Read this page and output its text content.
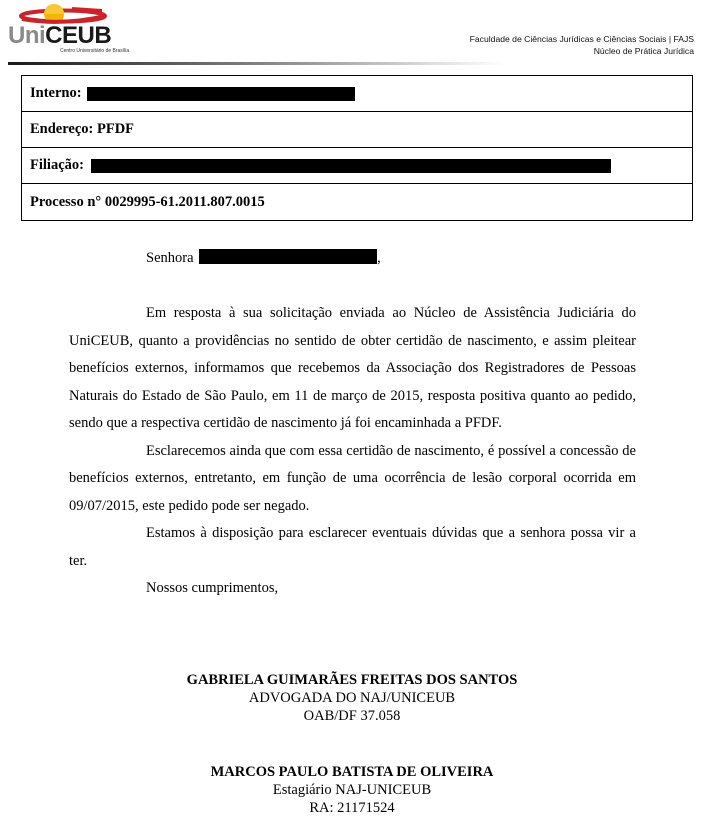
UniCEUB
Centro Universitário de Brasília
Faculdade de Ciências Jurídicas e Ciências Sociais | FAJS
Núcleo de Prática Jurídica
Interno:
Endereço:
PFDF
Filiação:
Processo n°
0029995-61.2011.807.0015
Senhora	,

Em resposta à sua solicitação enviada ao Núcleo de Assistência Judiciária do UniCEUB, quanto a providências no sentido de obter certidão de nascimento, e assim pleitear benefícios externos, informamos que recebemos da Associação dos Registradores de Pessoas Naturais do Estado de São Paulo, em 11 de março de 2015, resposta positiva quanto ao pedido, sendo que a respectiva certidão de nascimento já foi encaminhada a PFDF.

Esclarecemos ainda que com essa certidão de nascimento, é possível a concessão de benefícios externos, entretanto, em função de uma ocorrência de lesão corporal ocorrida em 09/07/2015, este pedido pode ser negado.

Estamos à disposição para esclarecer eventuais dúvidas que a senhora possa vir a ter.

Nossos cumprimentos,
GABRIELA GUIMARÃES FREITAS DOS SANTOS
ADVOGADA DO NAJ/UNICEUB
OAB/DF 37.058
MARCOS PAULO BATISTA DE OLIVEIRA
Estagiário NAJ-UNICEUB
RA: 21171524
